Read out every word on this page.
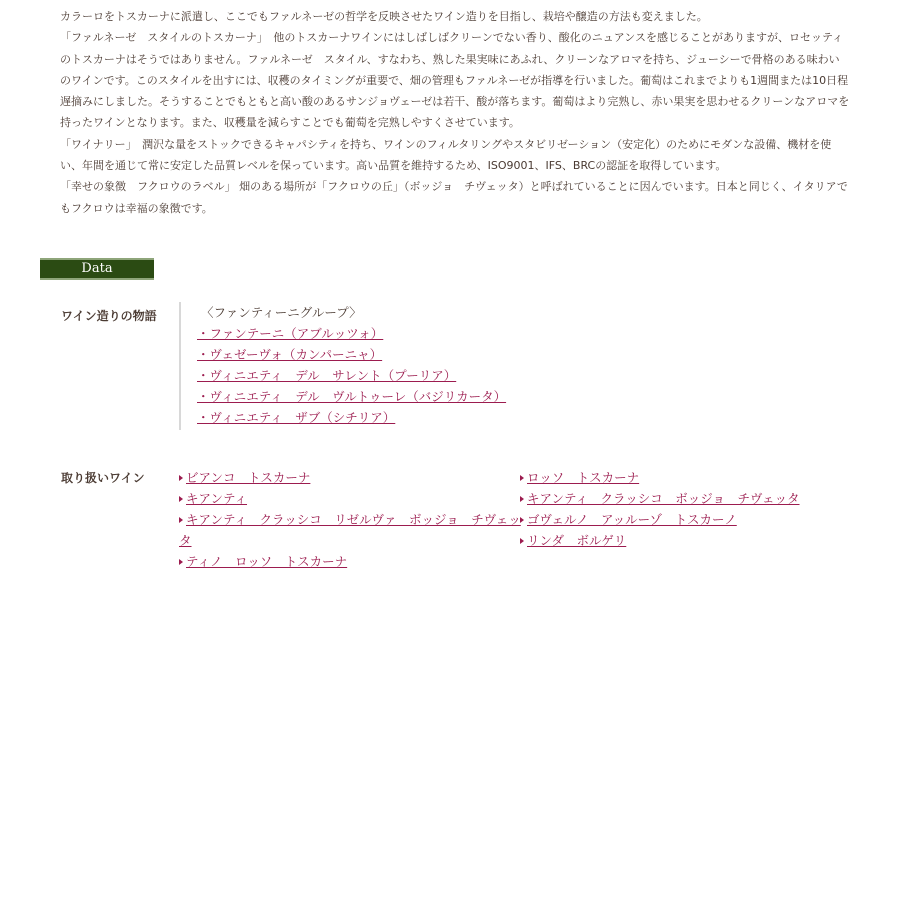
カラーロをトスカーナに派遣し、ここでもファルネーゼの哲学を反映させたワイン造りを目指し、栽培や醸造の方法も変えました。

「ファルネーゼ　スタイルのトスカーナ」　他のトスカーナワインにはしばしばクリーンでない香り、酸化のニュアンスを感じることがありますが、ロセッティのトスカーナはそうではありません。ファルネーゼ　スタイル、すなわち、熟した果実味にあふれ、クリーンなアロマを持ち、ジューシーで骨格のある味わいのワインです。このスタイルを出すには、収穫のタイミングが重要で、畑の管理もファルネーゼが指導を行いました。葡萄はこれまでよりも1週間または10日程遅摘みにしました。そうすることでもともと高い酸のあるサンジョヴェーゼは若干、酸が落ちます。葡萄はより完熟し、赤い果実を思わせるクリーンなアロマを持ったワインとなります。また、収穫量を減らすことでも葡萄を完熟しやすくさせています。

「ワイナリー」　潤沢な量をストックできるキャパシティを持ち、ワインのフィルタリングやスタビリゼーション（安定化）のためにモダンな設備、機材を使い、年間を通じて常に安定した品質レベルを保っています。高い品質を維持するため、ISO9001、IFS、BRCの認証を取得しています。

「幸せの象徴　フクロウのラベル」 畑のある場所が「フクロウの丘」（ボッジョ　チヴェッタ）と呼ばれていることに因んでいます。日本と同じく、イタリアでもフクロウは幸福の象徴です。

Data
ワイン造りの物語	〈ファンティーニグループ〉
・ファンテーニ（アブルッツォ）
・ヴェゼーヴォ（カンパーニャ）
・ヴィニエティ　デル　サレント（プーリア）
・ヴィニエティ　デル　ヴルトゥーレ（バジリカータ）
・ヴィニエティ　ザブ（シチリア）
取り扱いワイン	ビアンコ　トスカーナ
キアンティ
キアンティ　クラッシコ　リゼルヴァ　ボッジョ　チヴェッタ
ティノ　ロッソ　トスカーナ
ロッソ　トスカーナ
キアンティ　クラッシコ　ボッジョ　チヴェッタ
ゴヴェルノ　アッルーゾ　トスカーノ
リンダ　ボルゲリ
